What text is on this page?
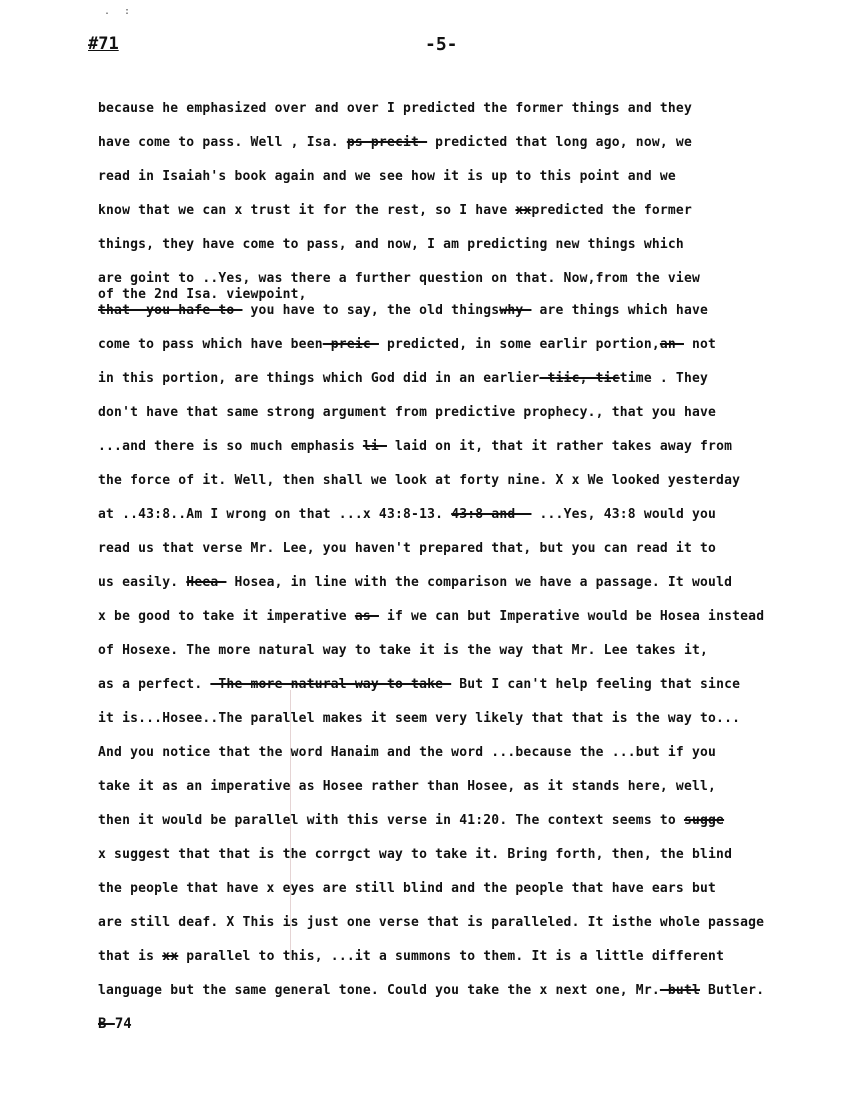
. :
#71	-5-
because he emphasized over and over I predicted the former things and they
have come to pass. Well , Isa. ps precit- predicted that long ago, now, we
read in Isaiah's book again and we see how it is up to this point and we
know that we can x trust it for the rest, so I have xxpredicted the former
things, they have come to pass, and now, I am predicting new things which
are goint to ..Yes, was there a further question on that. Now,from the view
of the 2nd Isa. viewpoint,
that- you-hafe-to- you have to say, the old thingswhy- are things which have
come to pass which have been-preic- predicted, in some earlir portion,an- not
in this portion, are things which God did in an earlier-tiic, tictime . They
don't have that same strong argument from predictive prophecy., that you have
...and there is so much emphasis li- laid on it, that it rather takes away from
the force of it. Well, then shall we look at forty nine. X x We looked yesterday
at ..43:8..Am I wrong on that ...x 43:8-13. 43:8 and-- ...Yes, 43:8 would you
read us that verse Mr. Lee, you haven't prepared that, but you can read it to
us easily. Heea- Hosea, in line with the comparison we have a passage. It would
x be good to take it imperative as- if we can but Imperative would be Hosea instead
of Hosexe. The more natural way to take it is the way that Mr. Lee takes it,
as a perfect. -The more natural way to take- But I can't help feeling that since
it is...Hosee..The parallel makes it seem very likely that that is the way to...
And you notice that the word Hanaim and the word ...because the ...but if you
take it as an imperative as Hosee rather than Hosee, as it stands here, well,
then it would be parallel with this verse in 41:20. The context seems to sugge
x suggest that that is the corrgct way to take it. Bring forth, then, the blind
the people that have x eyes are still blind and the people that have ears but
are still deaf. X This is just one verse that is paralleled. It isthe whole passage
that is xx parallel to this, ...it a summons to them. It is a little different
language but the same general tone. Could you take the x next one, Mr.-butl Butler.
B-74
